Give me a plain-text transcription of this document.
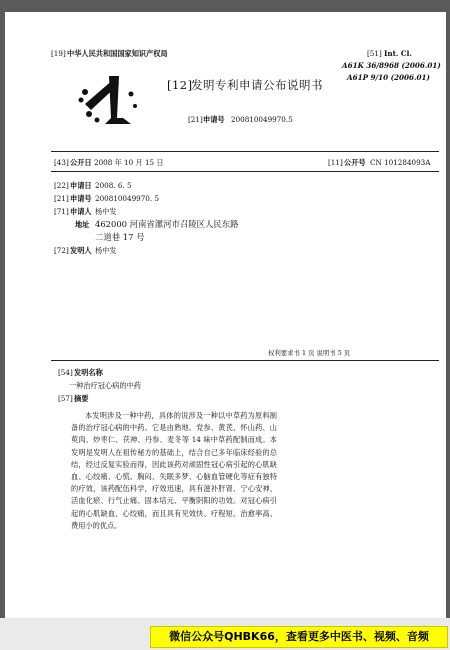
[19] 中华人民共和国国家知识产权局
[12]
发明专利申请公布说明书
[21] 申请号 200810049970.5
[51] Int. Cl.
A61K 36/8968 (2006.01)
A61P 9/10 (2006.01)
[43] 公开日 2008 年 10 月 15 日	[11] 公开号 CN 101284093A
[22] 申请日 2008. 6. 5
[21] 申请号 200810049970. 5
[71] 申请人 杨中发
地址 462000 河南省漯河市召陵区人民东路
二道巷 17 号
[72] 发明人 杨中发
权利要求书 1 页 说明书 5 页
[54] 发明名称
一种治疗冠心病的中药
[57] 摘要

本发明涉及一种中药，具体的说涉及一种以中草药为原料制备的治疗冠心病的中药。它是由熟地、党参、黄芪、怀山药、山萸肉、炒枣仁、茯神、丹参、麦冬等 14 味中草药配制而成。本发明是发明人在祖传秘方的基础上，结合自己多年临床经验的总结，经过反复实验而得，因此该药对顽固性冠心病引起的心肌缺血、心绞痛、心慌、胸闷、失眠多梦、心脑血管硬化等症有独特的疗效，该药配伍科学，疗效迅速，具有滋补肝肾、宁心安神、活血化瘀、行气止痛、固本培元、平衡阴阳的功效。对冠心病引起的心肌缺血、心绞痛，而且具有见效快、疗程短、治愈率高、费用小的优点。

微信公众号QHBK66，查看更多中医书、视频、音频
